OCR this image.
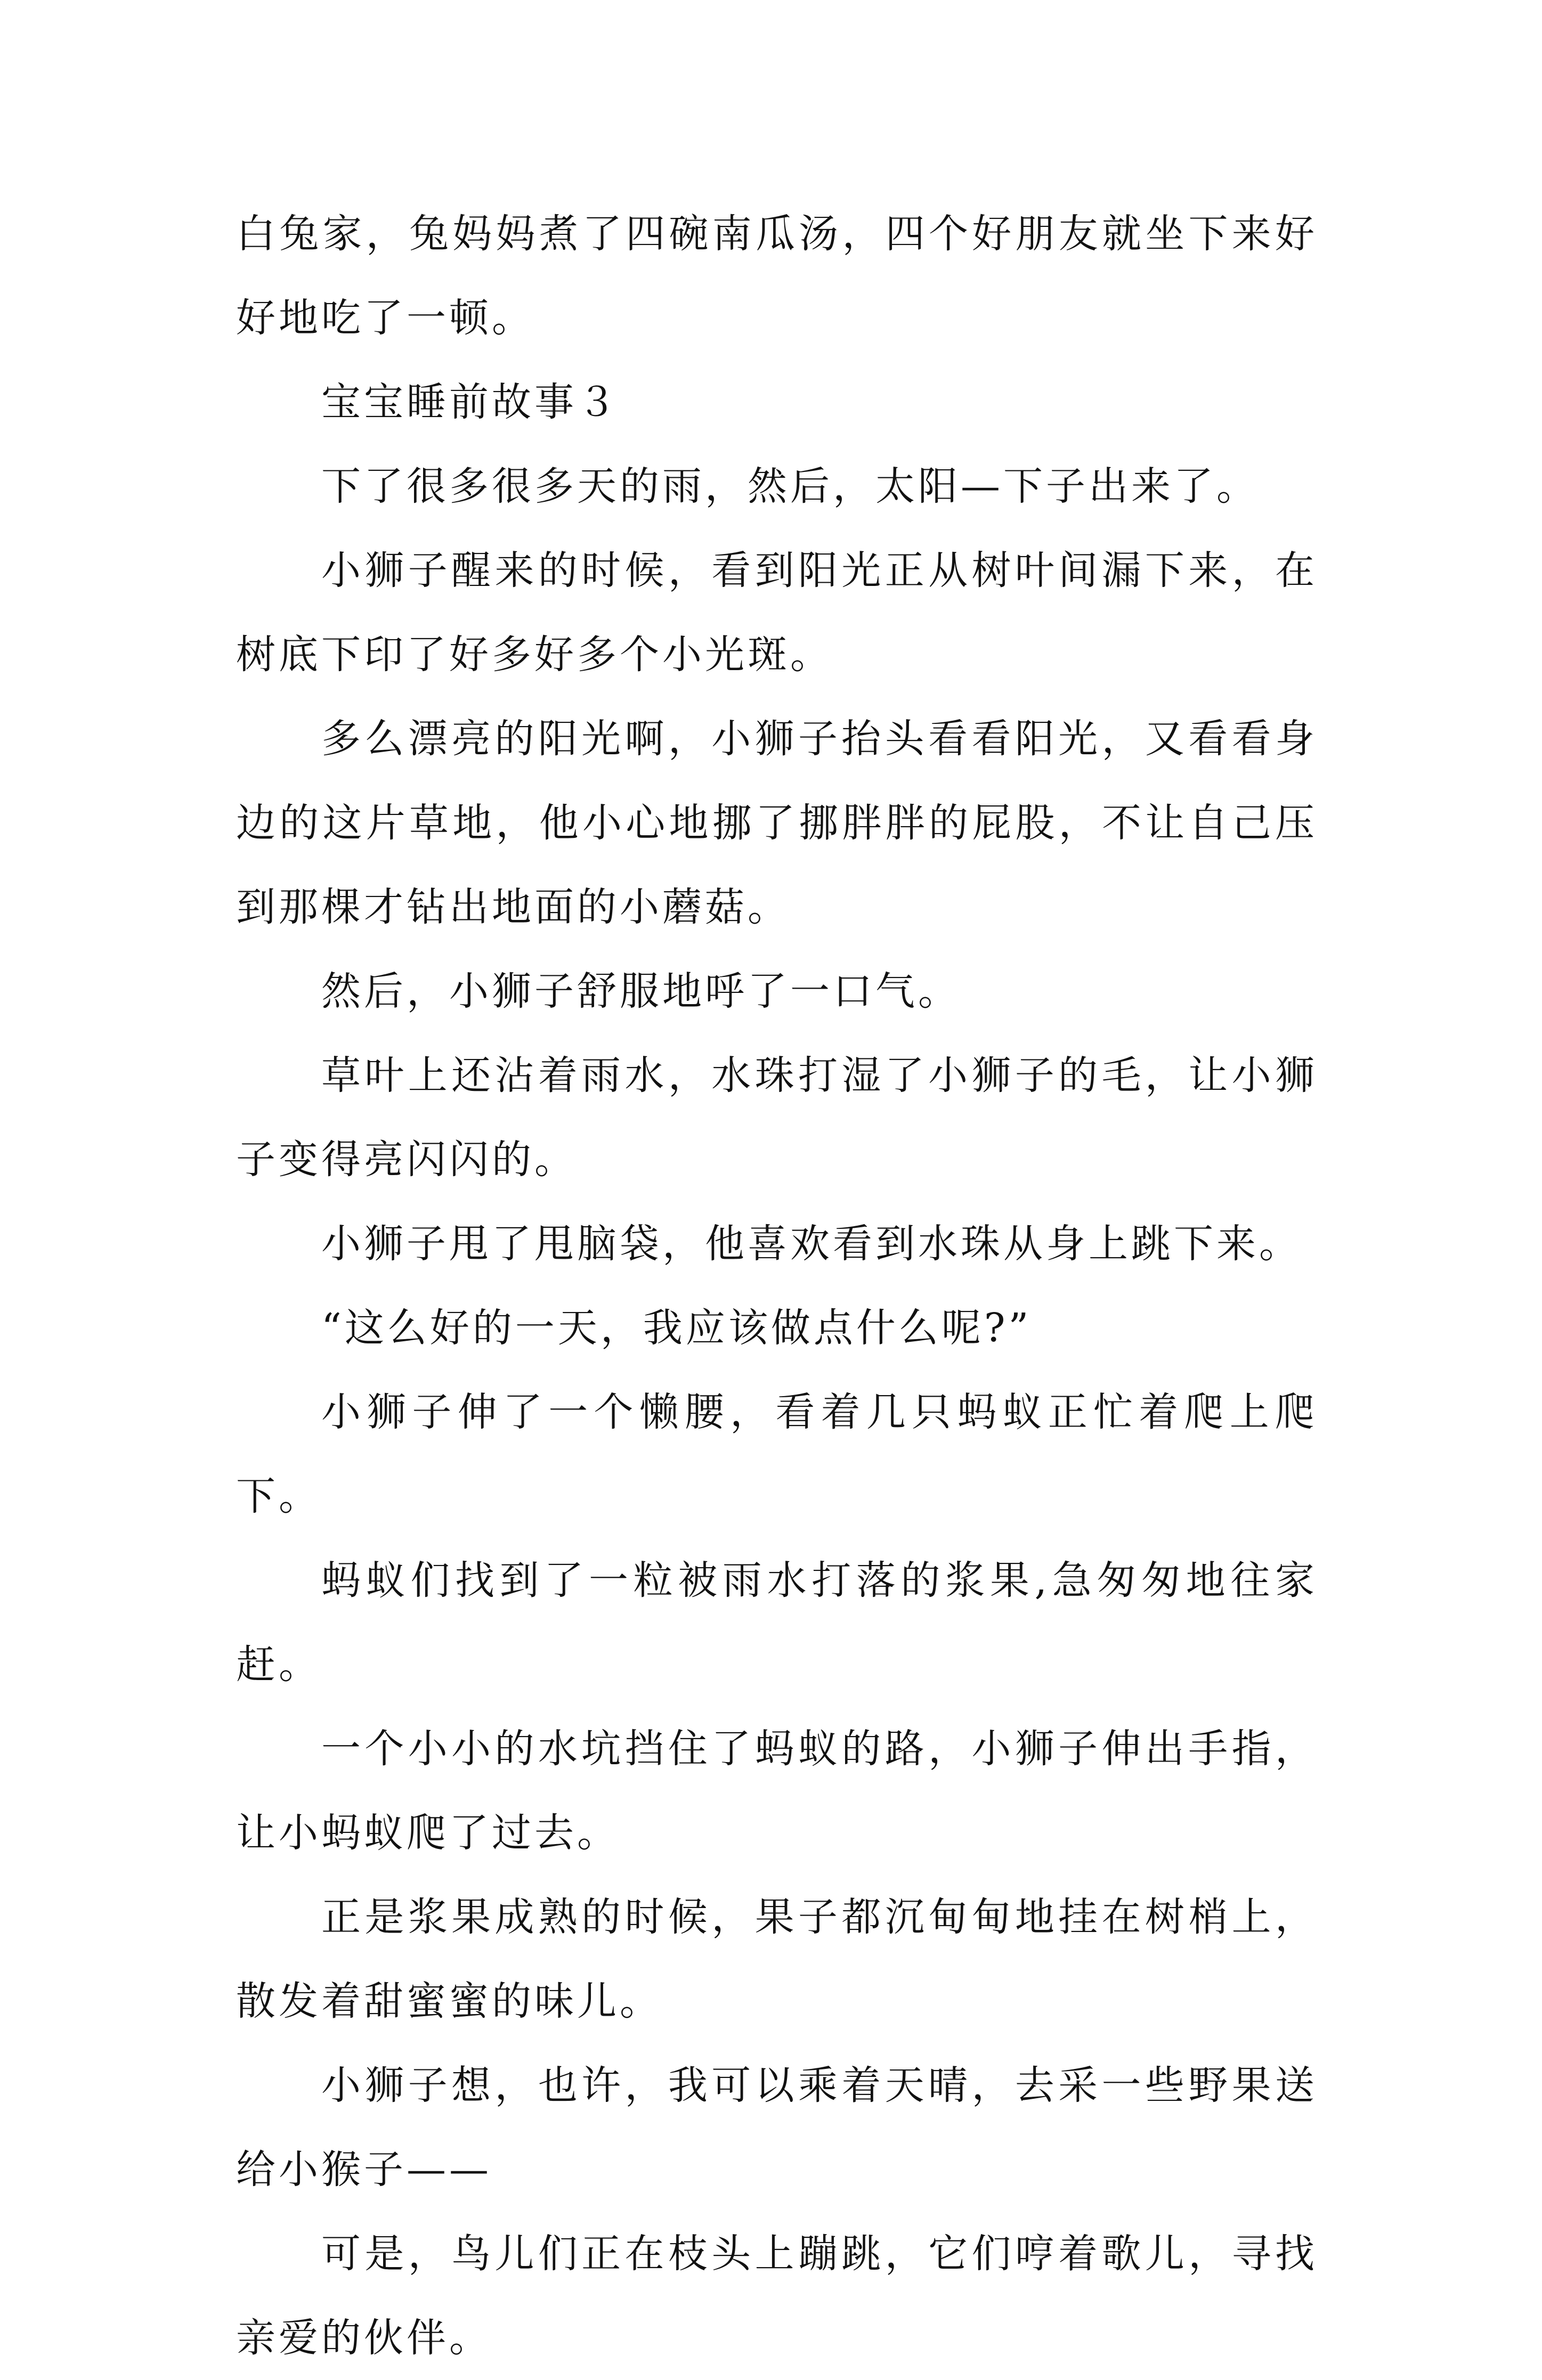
白兔家，兔妈妈煮了四碗南瓜汤，四个好朋友就坐下来好好地吃了一顿。

宝宝睡前故事３

下了很多很多天的雨，然后，太阳—下子出来了。

小狮子醒来的时候，看到阳光正从树叶间漏下来，在树底下印了好多好多个小光斑。

多么漂亮的阳光啊，小狮子抬头看看阳光，又看看身边的这片草地，他小心地挪了挪胖胖的屁股，不让自己压到那棵才钻出地面的小蘑菇。

然后，小狮子舒服地呼了一口气。

草叶上还沾着雨水，水珠打湿了小狮子的毛，让小狮子变得亮闪闪的。

小狮子甩了甩脑袋，他喜欢看到水珠从身上跳下来。

“这么好的一天，我应该做点什么呢?”

小狮子伸了一个懒腰，看着几只蚂蚁正忙着爬上爬下。

蚂蚁们找到了一粒被雨水打落的浆果,急匆匆地往家赶。

一个小小的水坑挡住了蚂蚁的路，小狮子伸出手指，让小蚂蚁爬了过去。

正是浆果成熟的时候，果子都沉甸甸地挂在树梢上，散发着甜蜜蜜的味儿。

小狮子想，也许，我可以乘着天晴，去采一些野果送给小猴子——

可是，鸟儿们正在枝头上蹦跳，它们哼着歌儿，寻找亲爱的伙伴。
